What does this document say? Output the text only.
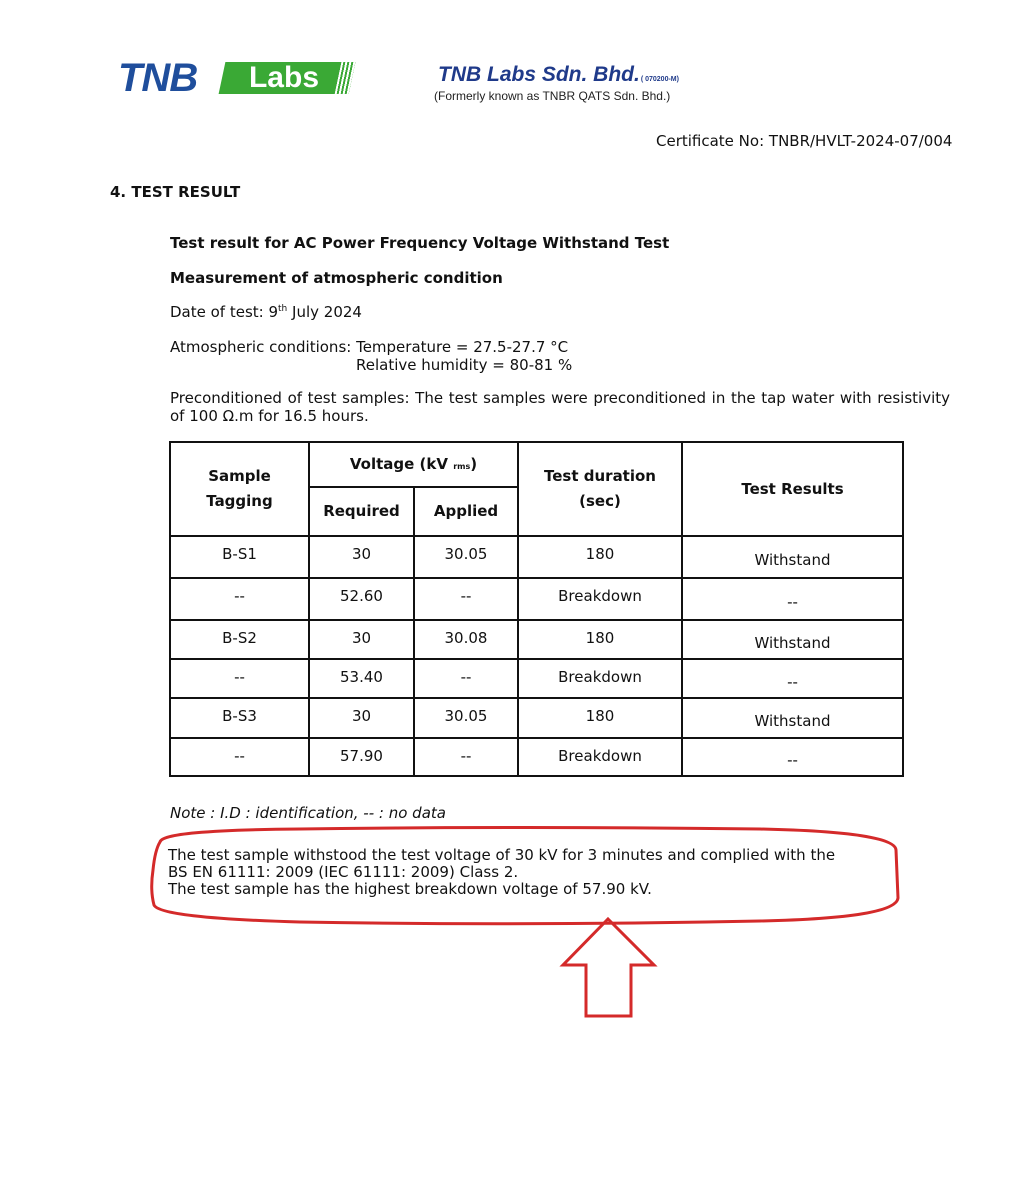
TNB	Labs	TNB Labs Sdn. Bhd.( 070200-M)
(Formerly known as TNBR QATS Sdn. Bhd.)
Certificate No: TNBR/HVLT-2024-07/004
4. TEST RESULT
Test result for AC Power Frequency Voltage Withstand Test
Measurement of atmospheric condition
Date of test: 9th July 2024
Atmospheric conditions: Temperature = 27.5-27.7 °C
Relative humidity = 80-81 %
Preconditioned of test samples: The test samples were preconditioned in the tap water with resistivity of 100 Ω.m for 16.5 hours.
Sample Tagging	Voltage (kV rms)		Test duration (sec)	Test Results
	Required	Applied		
B-S1	30	30.05	180	Withstand
--	52.60	--	Breakdown	--
B-S2	30	30.08	180	Withstand
--	53.40	--	Breakdown	--
B-S3	30	30.05	180	Withstand
--	57.90	--	Breakdown	--
Note : I.D : identification, -- : no data
The test sample withstood the test voltage of 30 kV for 3 minutes and complied with the
BS EN 61111: 2009 (IEC 61111: 2009) Class 2.
The test sample has the highest breakdown voltage of 57.90 kV.
